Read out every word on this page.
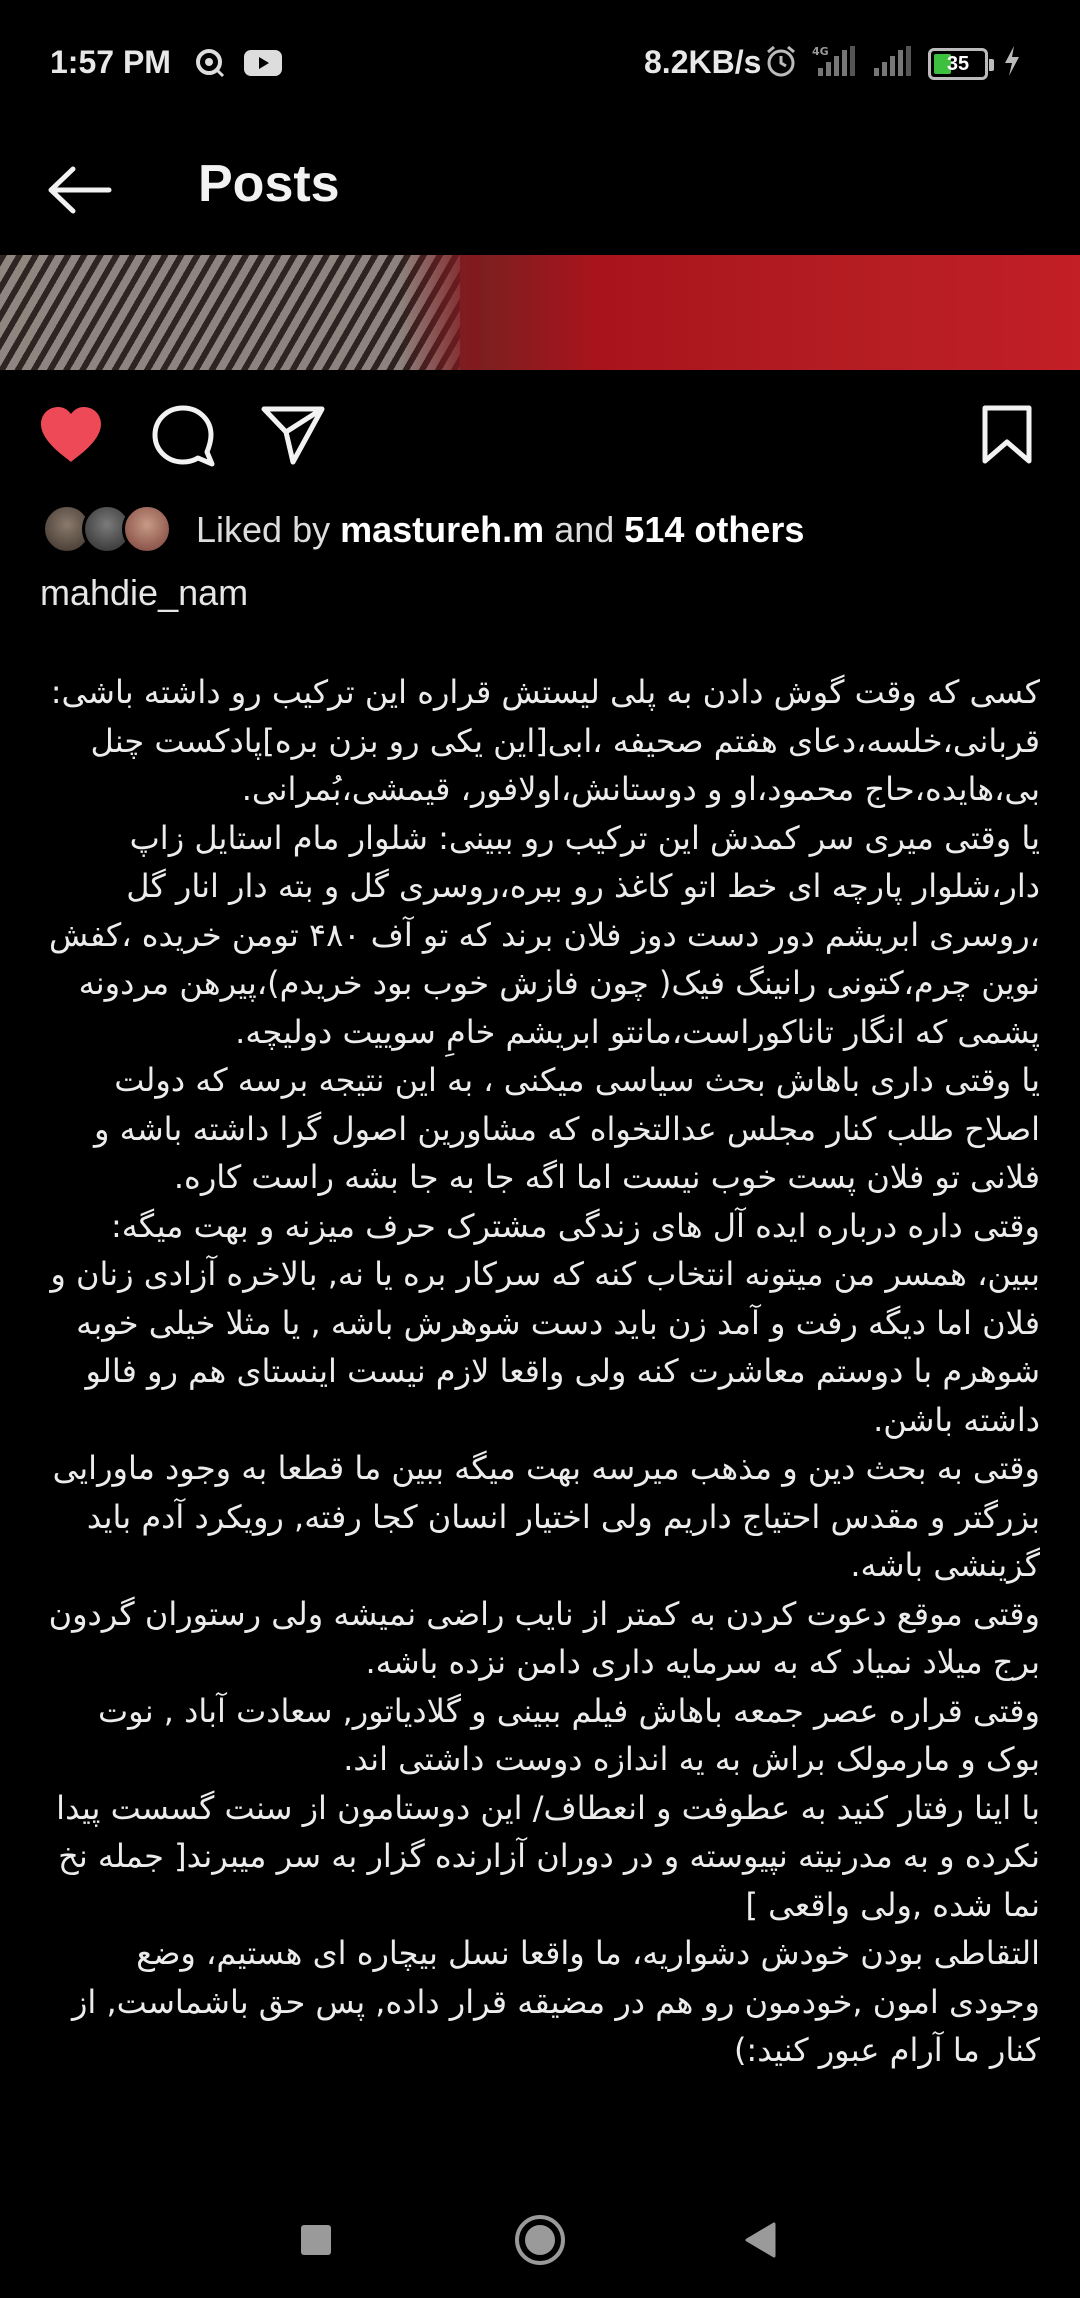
1:57 PM	8.2KB/s	4G
35
Posts
Liked by mastureh.m and 514 others
mahdie_nam
کسی که وقت گوش دادن به پلی لیستش قراره این ترکیب رو داشته باشی: قربانی،خلسه،دعای هفتم صحیفه ،ابی[این یکی رو بزن بره]پادکست چنل بی،هایده،حاج محمود،او و دوستانش،اولافور، قیمشی،بُمرانی.
یا وقتی میری سر کمدش این ترکیب رو ببینی: شلوار مام استایل زاپ دار،شلوار پارچه ای خط اتو کاغذ رو ببره،روسری گل و بته دار انار گل ،روسری ابریشم دور دست دوز فلان برند که تو آف ۴۸۰ تومن خریده ،کفش نوین چرم،کتونی رانینگ فیک( چون فازش خوب بود خریدم)،پیرهن مردونه پشمی که انگار تاناکوراست،مانتو ابریشم خامِ سوییت دولیچه.
یا وقتی داری باهاش بحث سیاسی میکنی ، به این نتیجه برسه که دولت اصلاح طلب کنار مجلس عدالتخواه که مشاورین اصول گرا داشته باشه و فلانی تو فلان پست خوب نیست اما اگه جا به جا بشه راست کاره.
وقتی داره درباره ایده آل های زندگی مشترک حرف میزنه و بهت میگه: ببین، همسر من میتونه انتخاب کنه که سرکار بره یا نه, بالاخره آزادی زنان و فلان اما دیگه رفت و آمد زن باید دست شوهرش باشه , یا مثلا خیلی خوبه شوهرم با دوستم معاشرت کنه ولی واقعا لازم نیست اینستای هم رو فالو داشته باشن.
وقتی به بحث دین و مذهب میرسه بهت میگه ببین ما قطعا به وجود ماورایی بزرگتر و مقدس احتیاج داریم ولی اختیار انسان کجا رفته, رویکرد آدم باید گزینشی باشه.
وقتی موقع دعوت کردن به کمتر از نایب راضی نمیشه ولی رستوران گردون برج میلاد نمیاد که به سرمایه داری دامن نزده باشه.
وقتی قراره عصر جمعه باهاش فیلم ببینی و گلادیاتور, سعادت آباد , نوت بوک و مارمولک براش به یه اندازه دوست داشتی اند.
با اینا رفتار کنید به عطوفت و انعطاف/ این دوستامون از سنت گسست پیدا نکرده و به مدرنیته نپیوسته و در دوران آزارنده گزار به سر میبرند[ جمله نخ نما شده ,ولی واقعی ]
التقاطی بودن خودش دشواریه، ما واقعا نسل بیچاره ای هستیم، وضع وجودی امون ,خودمون رو هم در مضیقه قرار داده, پس حق باشماست, از کنار ما آرام عبور کنید:)
